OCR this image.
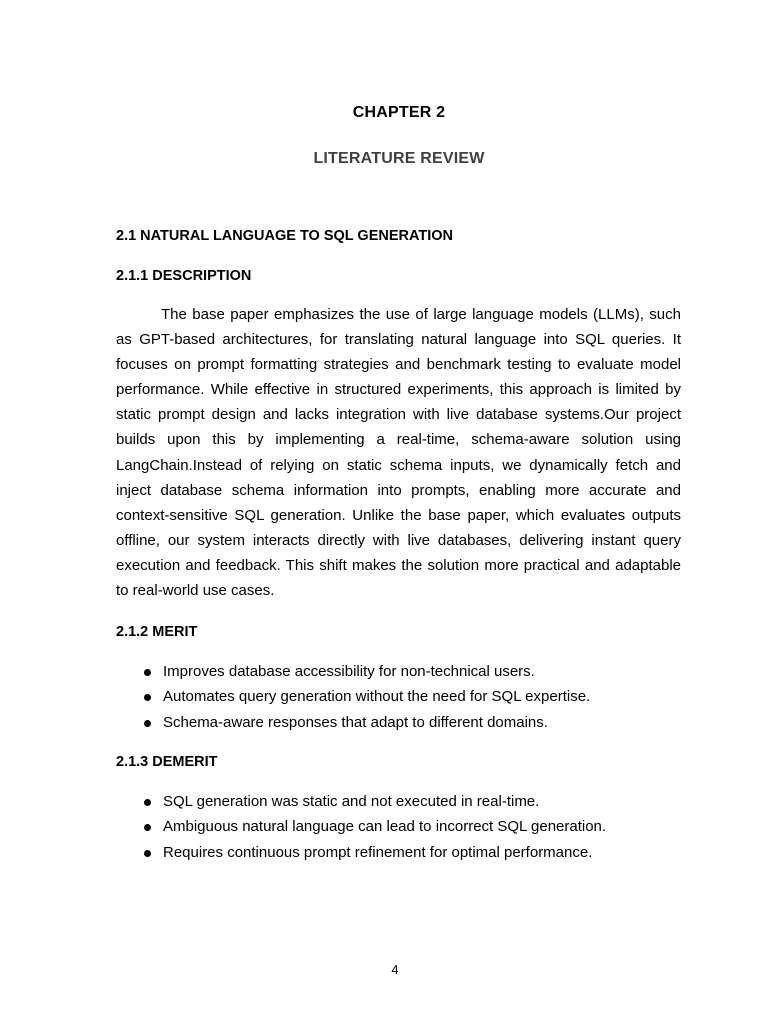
CHAPTER 2
LITERATURE REVIEW
2.1 NATURAL LANGUAGE TO SQL GENERATION
2.1.1 DESCRIPTION
The base paper emphasizes the use of large language models (LLMs), such as GPT-based architectures, for translating natural language into SQL queries. It focuses on prompt formatting strategies and benchmark testing to evaluate model performance. While effective in structured experiments, this approach is limited by static prompt design and lacks integration with live database systems.Our project builds upon this by implementing a real-time, schema-aware solution using LangChain.Instead of relying on static schema inputs, we dynamically fetch and inject database schema information into prompts, enabling more accurate and context-sensitive SQL generation. Unlike the base paper, which evaluates outputs offline, our system interacts directly with live databases, delivering instant query execution and feedback. This shift makes the solution more practical and adaptable to real-world use cases.
2.1.2 MERIT
Improves database accessibility for non-technical users.
Automates query generation without the need for SQL expertise.
Schema-aware responses that adapt to different domains.
2.1.3 DEMERIT
SQL generation was static and not executed in real-time.
Ambiguous natural language can lead to incorrect SQL generation.
Requires continuous prompt refinement for optimal performance.
4
